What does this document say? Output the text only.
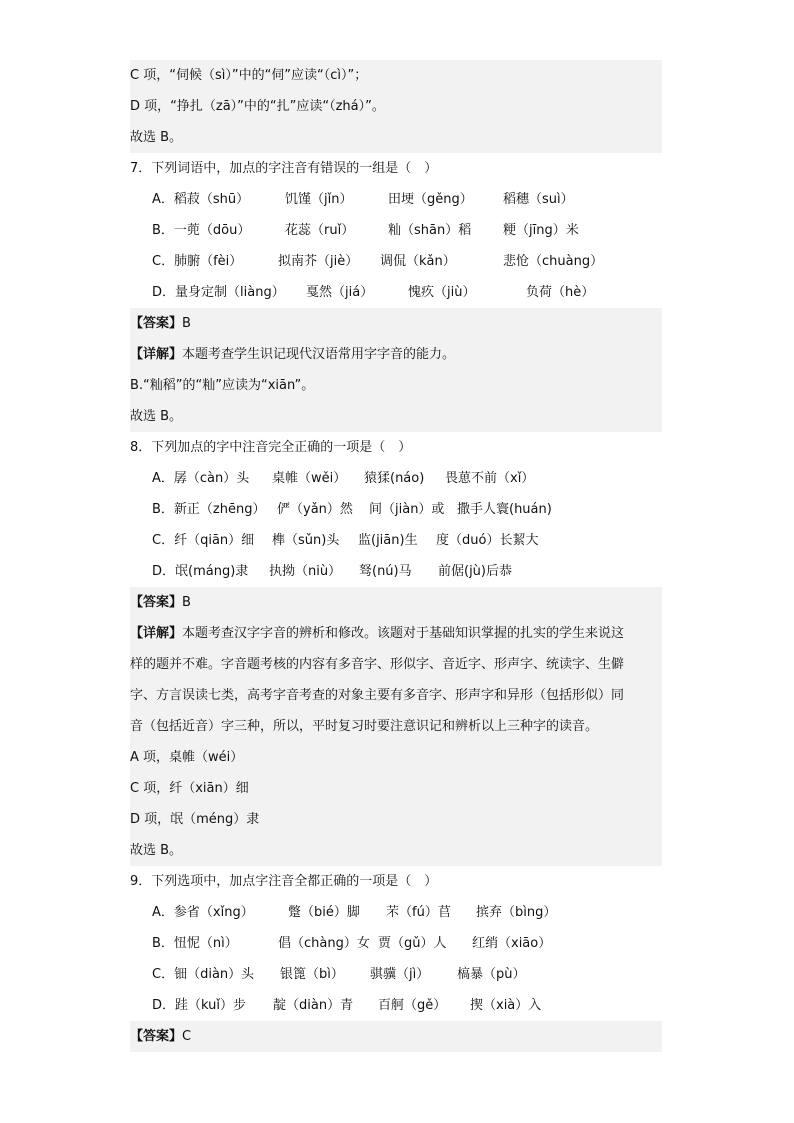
C 项，“伺候（sì）”中的“伺”应读“（cì）”；
D 项，“挣扎（zā）”中的“扎”应读“（zhá）”。
故选 B。
7．下列词语中，加点的字注音有错误的一组是（　）
A．稻菽（shū）	饥馑（jǐn）	田埂（gěng） 稻穗（suì）
B．一蔸（dōu）	花蕊（ruǐ）	籼（shān）稻 粳（jīng）米
C．肺腑（fèi）	拟南芥（jiè） 调侃（kǎn）	悲怆（chuàng）
D．量身定制（liàng） 戛然（jiá）	愧疚（jiù）	负荷（hè）
【答案】B
【详解】本题考查学生识记现代汉语常用字字音的能力。
B.“籼稻”的“籼”应读为“xiān”。
故选 B。
8．下列加点的字中注音完全正确的一项是（　）
A．孱（càn）头 桌帷（wěi） 猿猱(náo) 畏葸不前（xǐ）
B．新正（zhēng） 俨（yǎn）然 间（jiàn）或 撒手人寰(huán)
C．纤（qiān）细 榫（sǔn)头 监(jiān)生 度（duó）长絜大
D．氓(máng)隶 执拗（niù） 驽(nú)马 前倨(jù)后恭
【答案】B
【详解】本题考查汉字字音的辨析和修改。该题对于基础知识掌握的扎实的学生来说这
样的题并不难。字音题考核的内容有多音字、形似字、音近字、形声字、统读字、生僻
字、方言误读七类，高考字音考查的对象主要有多音字、形声字和异形（包括形似）同
音（包括近音）字三种，所以，平时复习时要注意识记和辨析以上三种字的读音。
A 项，桌帷（wéi）
C 项，纤（xiān）细
D 项，氓（méng）隶
故选 B。
9．下列选项中，加点字注音全都正确的一项是（　）
A．参省（xǐng）	蹩（bié）脚 芣（fú）苢 摈弃（bìng）
B．忸怩（nì）	倡（chàng）女 贾（gǔ）人 红绡（xiāo）
C．钿（diàn）头 银篦（bì） 骐骥（jì） 槁暴（pù）
D．跬（kuǐ）步 靛（diàn）青 百舸（gě） 揳（xià）入
【答案】C
